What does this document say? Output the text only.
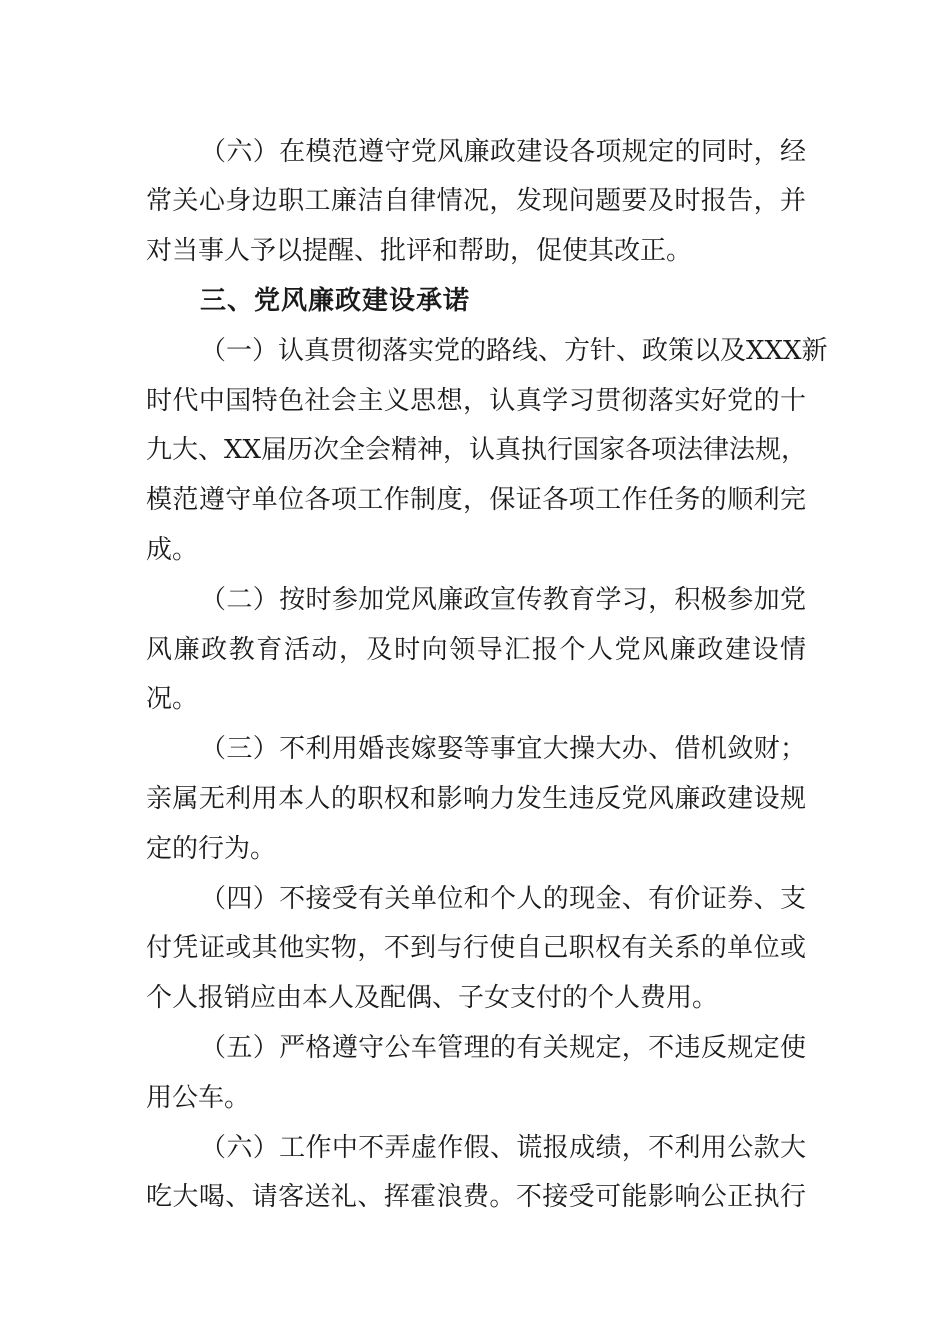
（六）在模范遵守党风廉政建设各项规定的同时，经
常关心身边职工廉洁自律情况，发现问题要及时报告，并
对当事人予以提醒、批评和帮助，促使其改正。
三、党风廉政建设承诺
（一）认真贯彻落实党的路线、方针、政策以及XXX新
时代中国特色社会主义思想，认真学习贯彻落实好党的十
九大、XX届历次全会精神，认真执行国家各项法律法规，
模范遵守单位各项工作制度，保证各项工作任务的顺利完
成。
（二）按时参加党风廉政宣传教育学习，积极参加党
风廉政教育活动，及时向领导汇报个人党风廉政建设情
况。
（三）不利用婚丧嫁娶等事宜大操大办、借机敛财；
亲属无利用本人的职权和影响力发生违反党风廉政建设规
定的行为。
（四）不接受有关单位和个人的现金、有价证券、支
付凭证或其他实物，不到与行使自己职权有关系的单位或
个人报销应由本人及配偶、子女支付的个人费用。
（五）严格遵守公车管理的有关规定，不违反规定使
用公车。
（六）工作中不弄虚作假、谎报成绩，不利用公款大
吃大喝、请客送礼、挥霍浪费。不接受可能影响公正执行
